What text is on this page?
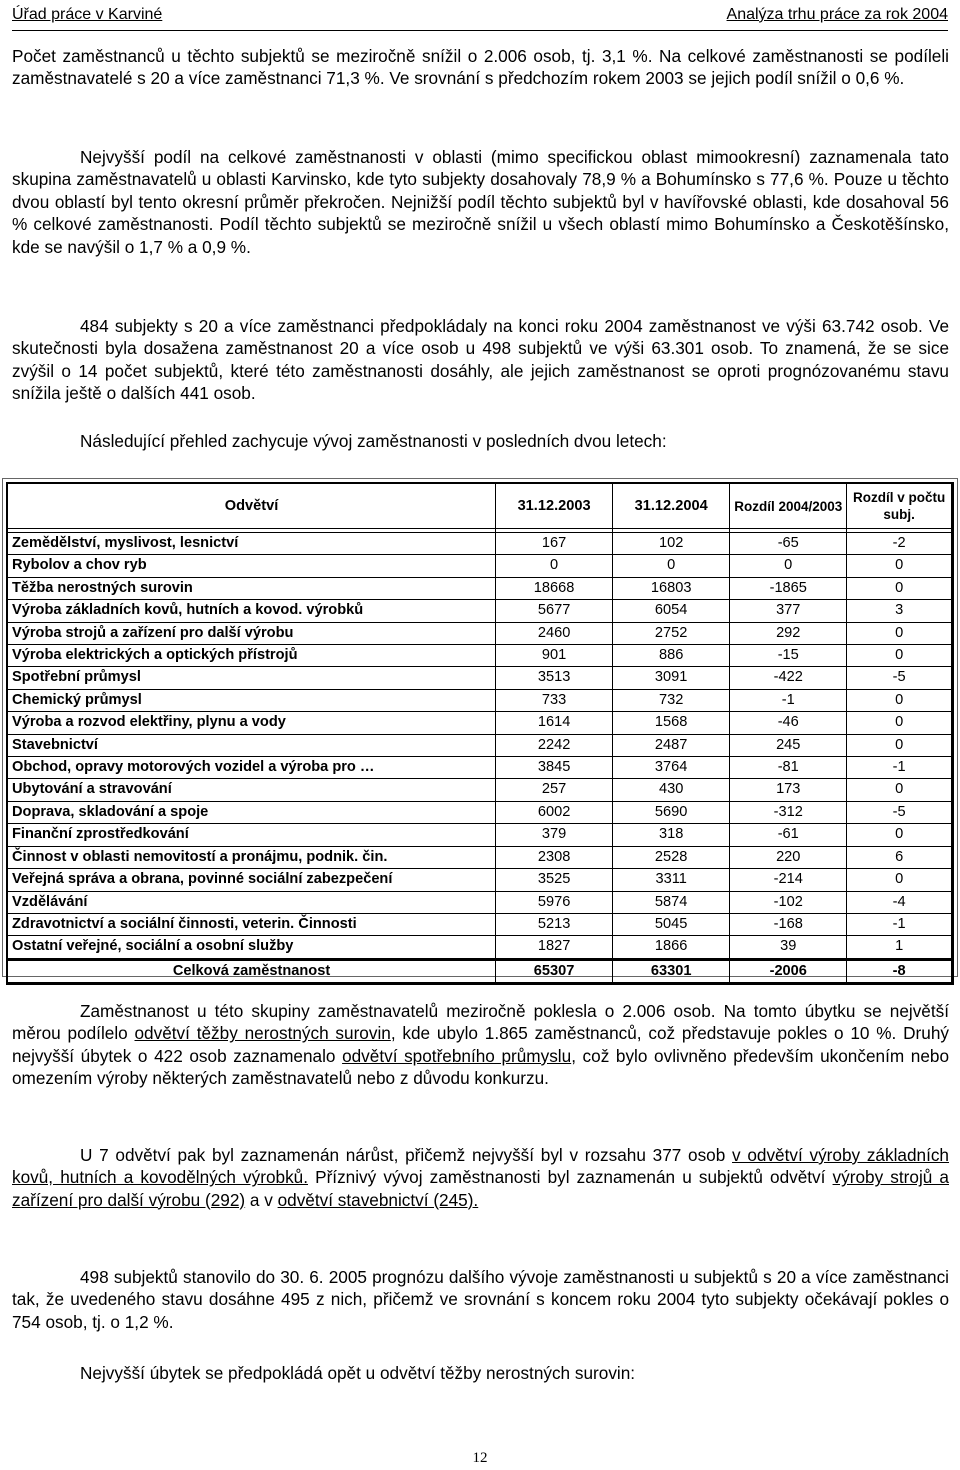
Úřad práce v Karviné	Analýza trhu práce za rok 2004

Počet zaměstnanců u těchto subjektů se meziročně snížil o 2.006 osob, tj. 3,1 %. Na celkové zaměstnanosti se podíleli zaměstnavatelé s 20 a více zaměstnanci 71,3 %. Ve srovnání s předchozím rokem 2003 se jejich podíl snížil o 0,6 %.

Nejvyšší podíl na celkové zaměstnanosti v oblasti (mimo specifickou oblast mimookresní) zaznamenala tato skupina zaměstnavatelů u oblasti Karvinsko, kde tyto subjekty dosahovaly 78,9 % a Bohumínsko s 77,6 %. Pouze u těchto dvou oblastí byl tento okresní průměr překročen. Nejnižší podíl těchto subjektů byl v havířovské oblasti, kde dosahoval 56 % celkové zaměstnanosti. Podíl těchto subjektů se meziročně snížil u všech oblastí mimo Bohumínsko a Českotěšínsko, kde se navýšil o 1,7 % a 0,9 %.

484 subjekty s 20 a více zaměstnanci předpokládaly na konci roku 2004 zaměstnanost ve výši 63.742 osob. Ve skutečnosti byla dosažena zaměstnanost 20 a více osob u 498 subjektů ve výši 63.301 osob. To znamená, že se sice zvýšil o 14 počet subjektů, které této zaměstnanosti dosáhly, ale jejich zaměstnanost se oproti prognózovanému stavu snížila ještě o dalších 441 osob.

Následující přehled zachycuje vývoj zaměstnanosti v posledních dvou letech:

Odvětví	31.12.2003	31.12.2004	Rozdíl 2004/2003	Rozdíl v počtu subj.

Zemědělství, myslivost, lesnictví	167	102	-65	-2
Rybolov a chov ryb	0	0	0	0
Těžba nerostných surovin	18668	16803	-1865	0
Výroba základních kovů, hutních a kovod. výrobků	5677	6054	377	3
Výroba strojů a zařízení pro další výrobu	2460	2752	292	0
Výroba elektrických a optických přístrojů	901	886	-15	0
Spotřební průmysl	3513	3091	-422	-5
Chemický průmysl	733	732	-1	0
Výroba a rozvod elektřiny, plynu a vody	1614	1568	-46	0
Stavebnictví	2242	2487	245	0
Obchod, opravy motorových vozidel a výroba pro …	3845	3764	-81	-1
Ubytování a stravování	257	430	173	0
Doprava, skladování a spoje	6002	5690	-312	-5
Finanční zprostředkování	379	318	-61	0
Činnost v oblasti nemovitostí a pronájmu, podnik. čin.	2308	2528	220	6
Veřejná správa a obrana, povinné sociální zabezpečení	3525	3311	-214	0
Vzdělávání	5976	5874	-102	-4
Zdravotnictví a sociální činnosti, veterin. Činnosti	5213	5045	-168	-1
Ostatní veřejné, sociální a osobní služby	1827	1866	39	1
Celková zaměstnanost	65307	63301	-2006	-8

Zaměstnanost u této skupiny zaměstnavatelů meziročně poklesla o 2.006 osob. Na tomto úbytku se největší měrou podílelo odvětví těžby nerostných surovin, kde ubylo 1.865 zaměstnanců, což představuje pokles o 10 %. Druhý nejvyšší úbytek o 422 osob zaznamenalo odvětví spotřebního průmyslu, což bylo ovlivněno především ukončením nebo omezením výroby některých zaměstnavatelů nebo z důvodu konkurzu.

U 7 odvětví pak byl zaznamenán nárůst, přičemž nejvyšší byl v rozsahu 377 osob v odvětví výroby základních kovů, hutních a kovodělných výrobků. Příznivý vývoj zaměstnanosti byl zaznamenán u subjektů odvětví výroby strojů a zařízení pro další výrobu (292) a v odvětví stavebnictví (245).

498 subjektů stanovilo do 30. 6. 2005 prognózu dalšího vývoje zaměstnanosti u subjektů s 20 a více zaměstnanci tak, že uvedeného stavu dosáhne 495 z nich, přičemž ve srovnání s koncem roku 2004 tyto subjekty očekávají pokles o 754 osob, tj. o 1,2 %.

Nejvyšší úbytek se předpokládá opět u odvětví těžby nerostných surovin:

12
